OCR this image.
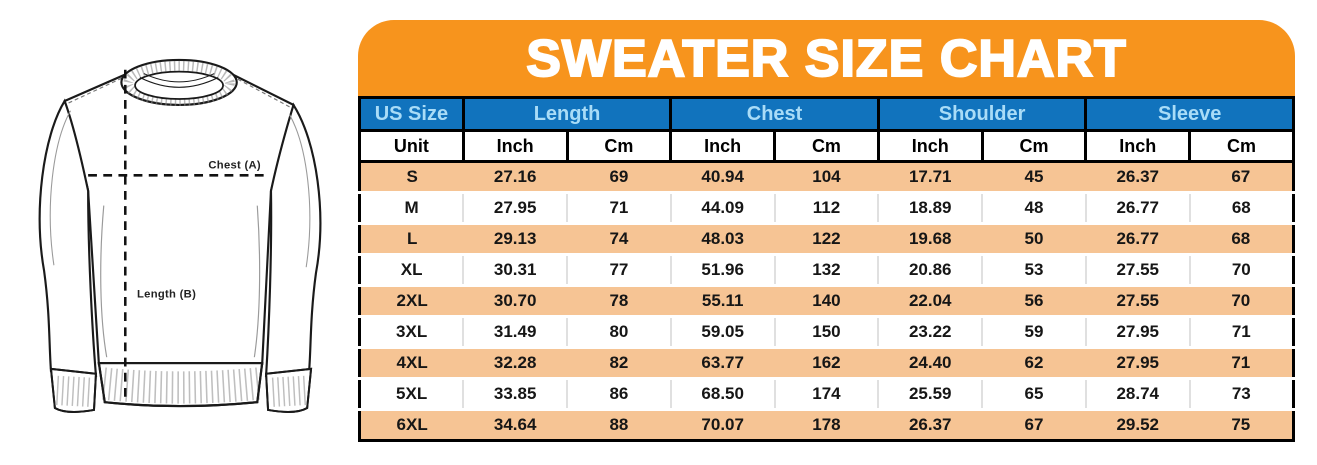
Chest (A)
Length (B)
SWEATER SIZE CHART
US Size	Length		Chest		Shoulder		Sleeve	
Unit	Inch	Cm	Inch	Cm	Inch	Cm	Inch	Cm
S	27.16	69	40.94	104	17.71	45	26.37	67
M	27.95	71	44.09	112	18.89	48	26.77	68
L	29.13	74	48.03	122	19.68	50	26.77	68
XL	30.31	77	51.96	132	20.86	53	27.55	70
2XL	30.70	78	55.11	140	22.04	56	27.55	70
3XL	31.49	80	59.05	150	23.22	59	27.95	71
4XL	32.28	82	63.77	162	24.40	62	27.95	71
5XL	33.85	86	68.50	174	25.59	65	28.74	73
6XL	34.64	88	70.07	178	26.37	67	29.52	75
